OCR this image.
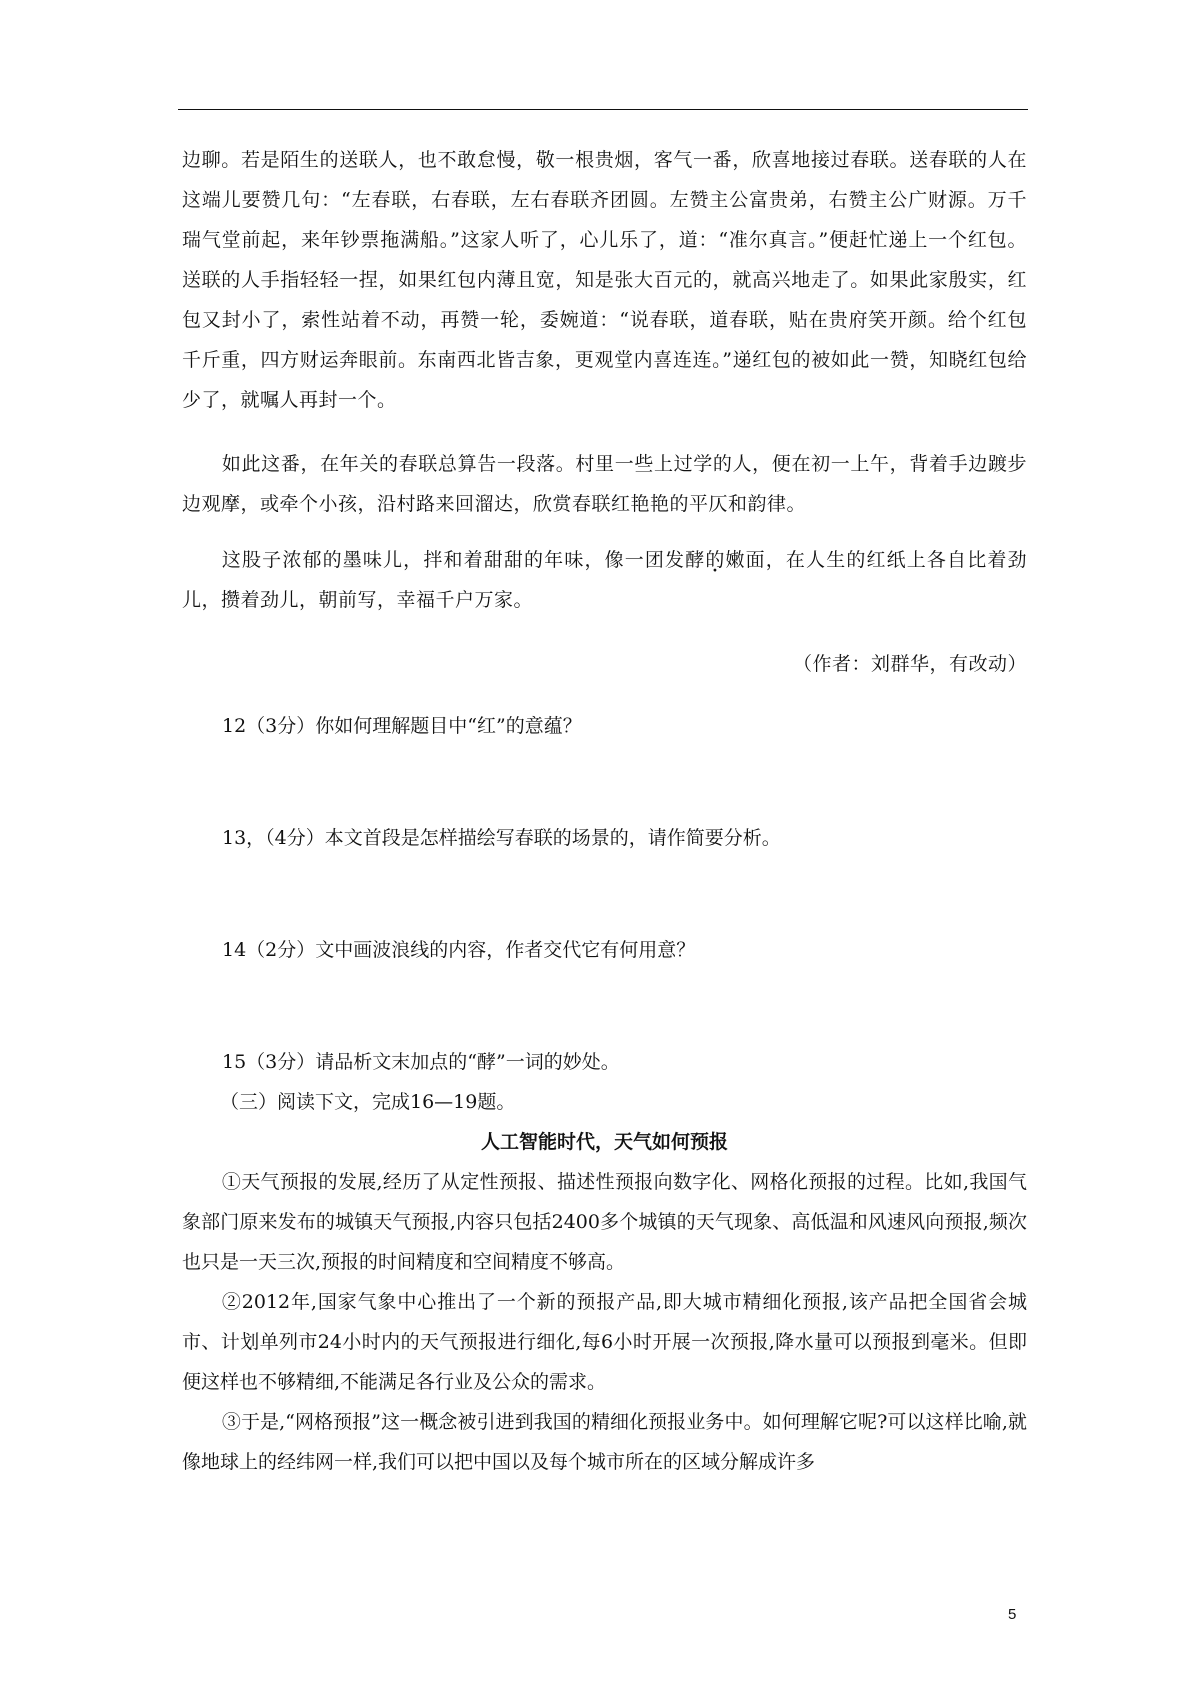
边聊。若是陌生的送联人，也不敢怠慢，敬一根贵烟，客气一番，欣喜地接过春联。送春联的人在这端儿要赞几句：“左春联，右春联，左右春联齐团圆。左赞主公富贵弟，右赞主公广财源。万千瑞气堂前起，来年钞票拖满船。”这家人听了，心儿乐了，道：“准尔真言。”便赶忙递上一个红包。送联的人手指轻轻一捏，如果红包内薄且宽，知是张大百元的，就高兴地走了。如果此家殷实，红包又封小了，索性站着不动，再赞一轮，委婉道：“说春联，道春联，贴在贵府笑开颜。给个红包千斤重，四方财运奔眼前。东南西北皆吉象，更观堂内喜连连。”递红包的被如此一赞，知晓红包给少了，就嘱人再封一个。

如此这番，在年关的春联总算告一段落。村里一些上过学的人，便在初一上午，背着手边踱步边观摩，或牵个小孩，沿村路来回溜达，欣赏春联红艳艳的平仄和韵律。

这股子浓郁的墨味儿，拌和着甜甜的年味，像一团发酵的嫩面，在人生的红纸上各自比着劲儿，攒着劲儿，朝前写，幸福千户万家。

（作者：刘群华，有改动）

12（3分）你如何理解题目中“红”的意蕴？

13，（4分）本文首段是怎样描绘写春联的场景的，请作简要分析。

14（2分）文中画波浪线的内容，作者交代它有何用意？

15（3分）请品析文末加点的“酵”一词的妙处。

（三）阅读下文，完成16—19题。

人工智能时代，天气如何预报

①天气预报的发展,经历了从定性预报、描述性预报向数字化、网格化预报的过程。比如,我国气象部门原来发布的城镇天气预报,内容只包括2400多个城镇的天气现象、高低温和风速风向预报,频次也只是一天三次,预报的时间精度和空间精度不够高。

②2012年,国家气象中心推出了一个新的预报产品,即大城市精细化预报,该产品把全国省会城市、计划单列市24小时内的天气预报进行细化,每6小时开展一次预报,降水量可以预报到毫米。但即便这样也不够精细,不能满足各行业及公众的需求。

③于是,“网格预报”这一概念被引进到我国的精细化预报业务中。如何理解它呢?可以这样比喻,就像地球上的经纬网一样,我们可以把中国以及每个城市所在的区域分解成许多

5
